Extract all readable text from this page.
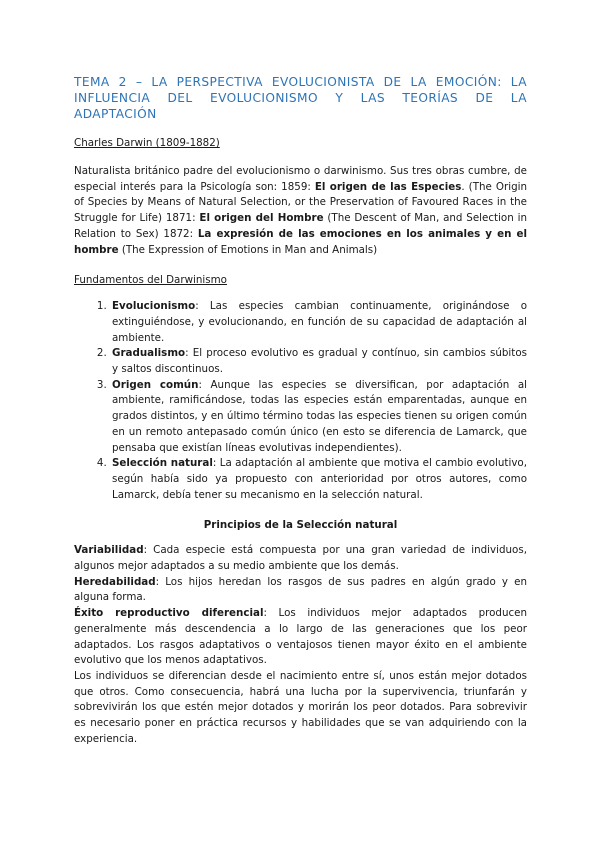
TEMA 2 – LA PERSPECTIVA EVOLUCIONISTA DE LA EMOCIÓN: LA
INFLUENCIA DEL EVOLUCIONISMO Y LAS TEORÍAS DE LA
ADAPTACIÓN
Charles Darwin (1809-1882)

Naturalista británico padre del evolucionismo o darwinismo. Sus tres obras cumbre, de especial interés para la Psicología son: 1859: El origen de las Especies. (The Origin of Species by Means of Natural Selection, or the Preservation of Favoured Races in the Struggle for Life) 1871: El origen del Hombre (The Descent of Man, and Selection in Relation to Sex) 1872: La expresión de las emociones en los animales y en el hombre (The Expression of Emotions in Man and Animals)

Fundamentos del Darwinismo
1. Evolucionismo: Las especies cambian continuamente, originándose o extinguiéndose, y evolucionando, en función de su capacidad de adaptación al ambiente.
2. Gradualismo: El proceso evolutivo es gradual y contínuo, sin cambios súbitos y saltos discontinuos.
3. Origen común: Aunque las especies se diversifican, por adaptación al ambiente, ramificándose, todas las especies están emparentadas, aunque en grados distintos, y en último término todas las especies tienen su origen común en un remoto antepasado común único (en esto se diferencia de Lamarck, que pensaba que existían líneas evolutivas independientes).
4. Selección natural: La adaptación al ambiente que motiva el cambio evolutivo, según había sido ya propuesto con anterioridad por otros autores, como Lamarck, debía tener su mecanismo en la selección natural.
Principios de la Selección natural

Variabilidad: Cada especie está compuesta por una gran variedad de individuos, algunos mejor adaptados a su medio ambiente que los demás.

Heredabilidad: Los hijos heredan los rasgos de sus padres en algún grado y en alguna forma.

Éxito reproductivo diferencial: Los individuos mejor adaptados producen generalmente más descendencia a lo largo de las generaciones que los peor adaptados. Los rasgos adaptativos o ventajosos tienen mayor éxito en el ambiente evolutivo que los menos adaptativos.

Los individuos se diferencian desde el nacimiento entre sí, unos están mejor dotados que otros. Como consecuencia, habrá una lucha por la supervivencia, triunfarán y sobrevivirán los que estén mejor dotados y morirán los peor dotados. Para sobrevivir es necesario poner en práctica recursos y habilidades que se van adquiriendo con la experiencia.
